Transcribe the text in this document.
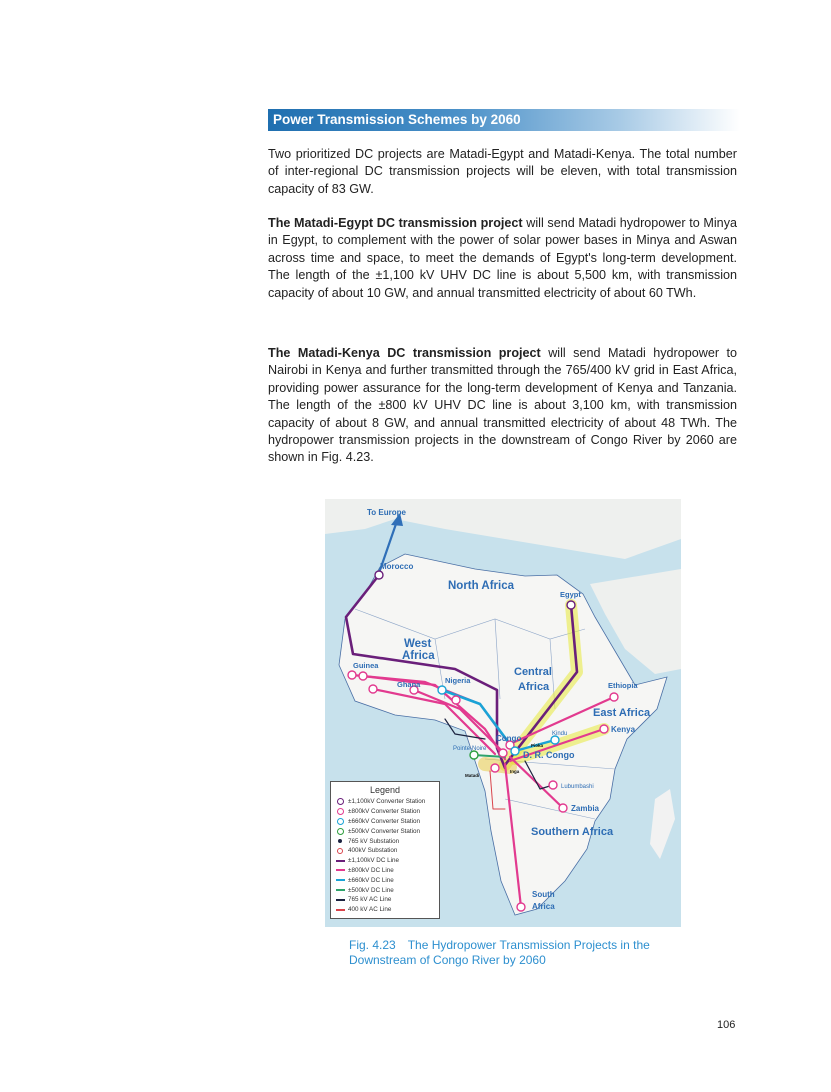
Power Transmission Schemes by 2060

Two prioritized DC projects are Matadi-Egypt and Matadi-Kenya. The total number of inter-regional DC transmission projects will be eleven, with total transmission capacity of 83 GW.

The Matadi-Egypt DC transmission project will send Matadi hydropower to Minya in Egypt, to complement with the power of solar power bases in Minya and Aswan across time and space, to meet the demands of Egypt's long-term development. The length of the ±1,100 kV UHV DC line is about 5,500 km, with transmission capacity of about 10 GW, and annual transmitted electricity of about 60 TWh.

The Matadi-Kenya DC transmission project will send Matadi hydropower to Nairobi in Kenya and further transmitted through the 765/400 kV grid in East Africa, providing power assurance for the long-term development of Kenya and Tanzania. The length of the ±800 kV UHV DC line is about 3,100 km, with transmission capacity of about 8 GW, and annual transmitted electricity of about 48 TWh. The hydropower transmission projects in the downstream of Congo River by 2060 are shown in Fig. 4.23.

To Europe
Morocco
North Africa
Egypt
West
Africa
Central
Africa
Guinea
Ghana	Nigeria
Ethiopia
East Africa
Kenya
Kindu
Congo
Pointe-Noire
Pioka
D. R. Congo
Matadi
Inga
Lubumbashi
Zambia
Southern Africa
South
Africa
Legend
±1,100kV Converter Station
±800kV Converter Station
±660kV Converter Station
±500kV Converter Station
765 kV Substation
400kV Substation
±1,100kV DC Line
±800kV DC Line
±660kV DC Line
±500kV DC Line
765 kV AC Line
400 kV AC Line
Fig. 4.23 The Hydropower Transmission Projects in the
Downstream of Congo River by 2060
106
